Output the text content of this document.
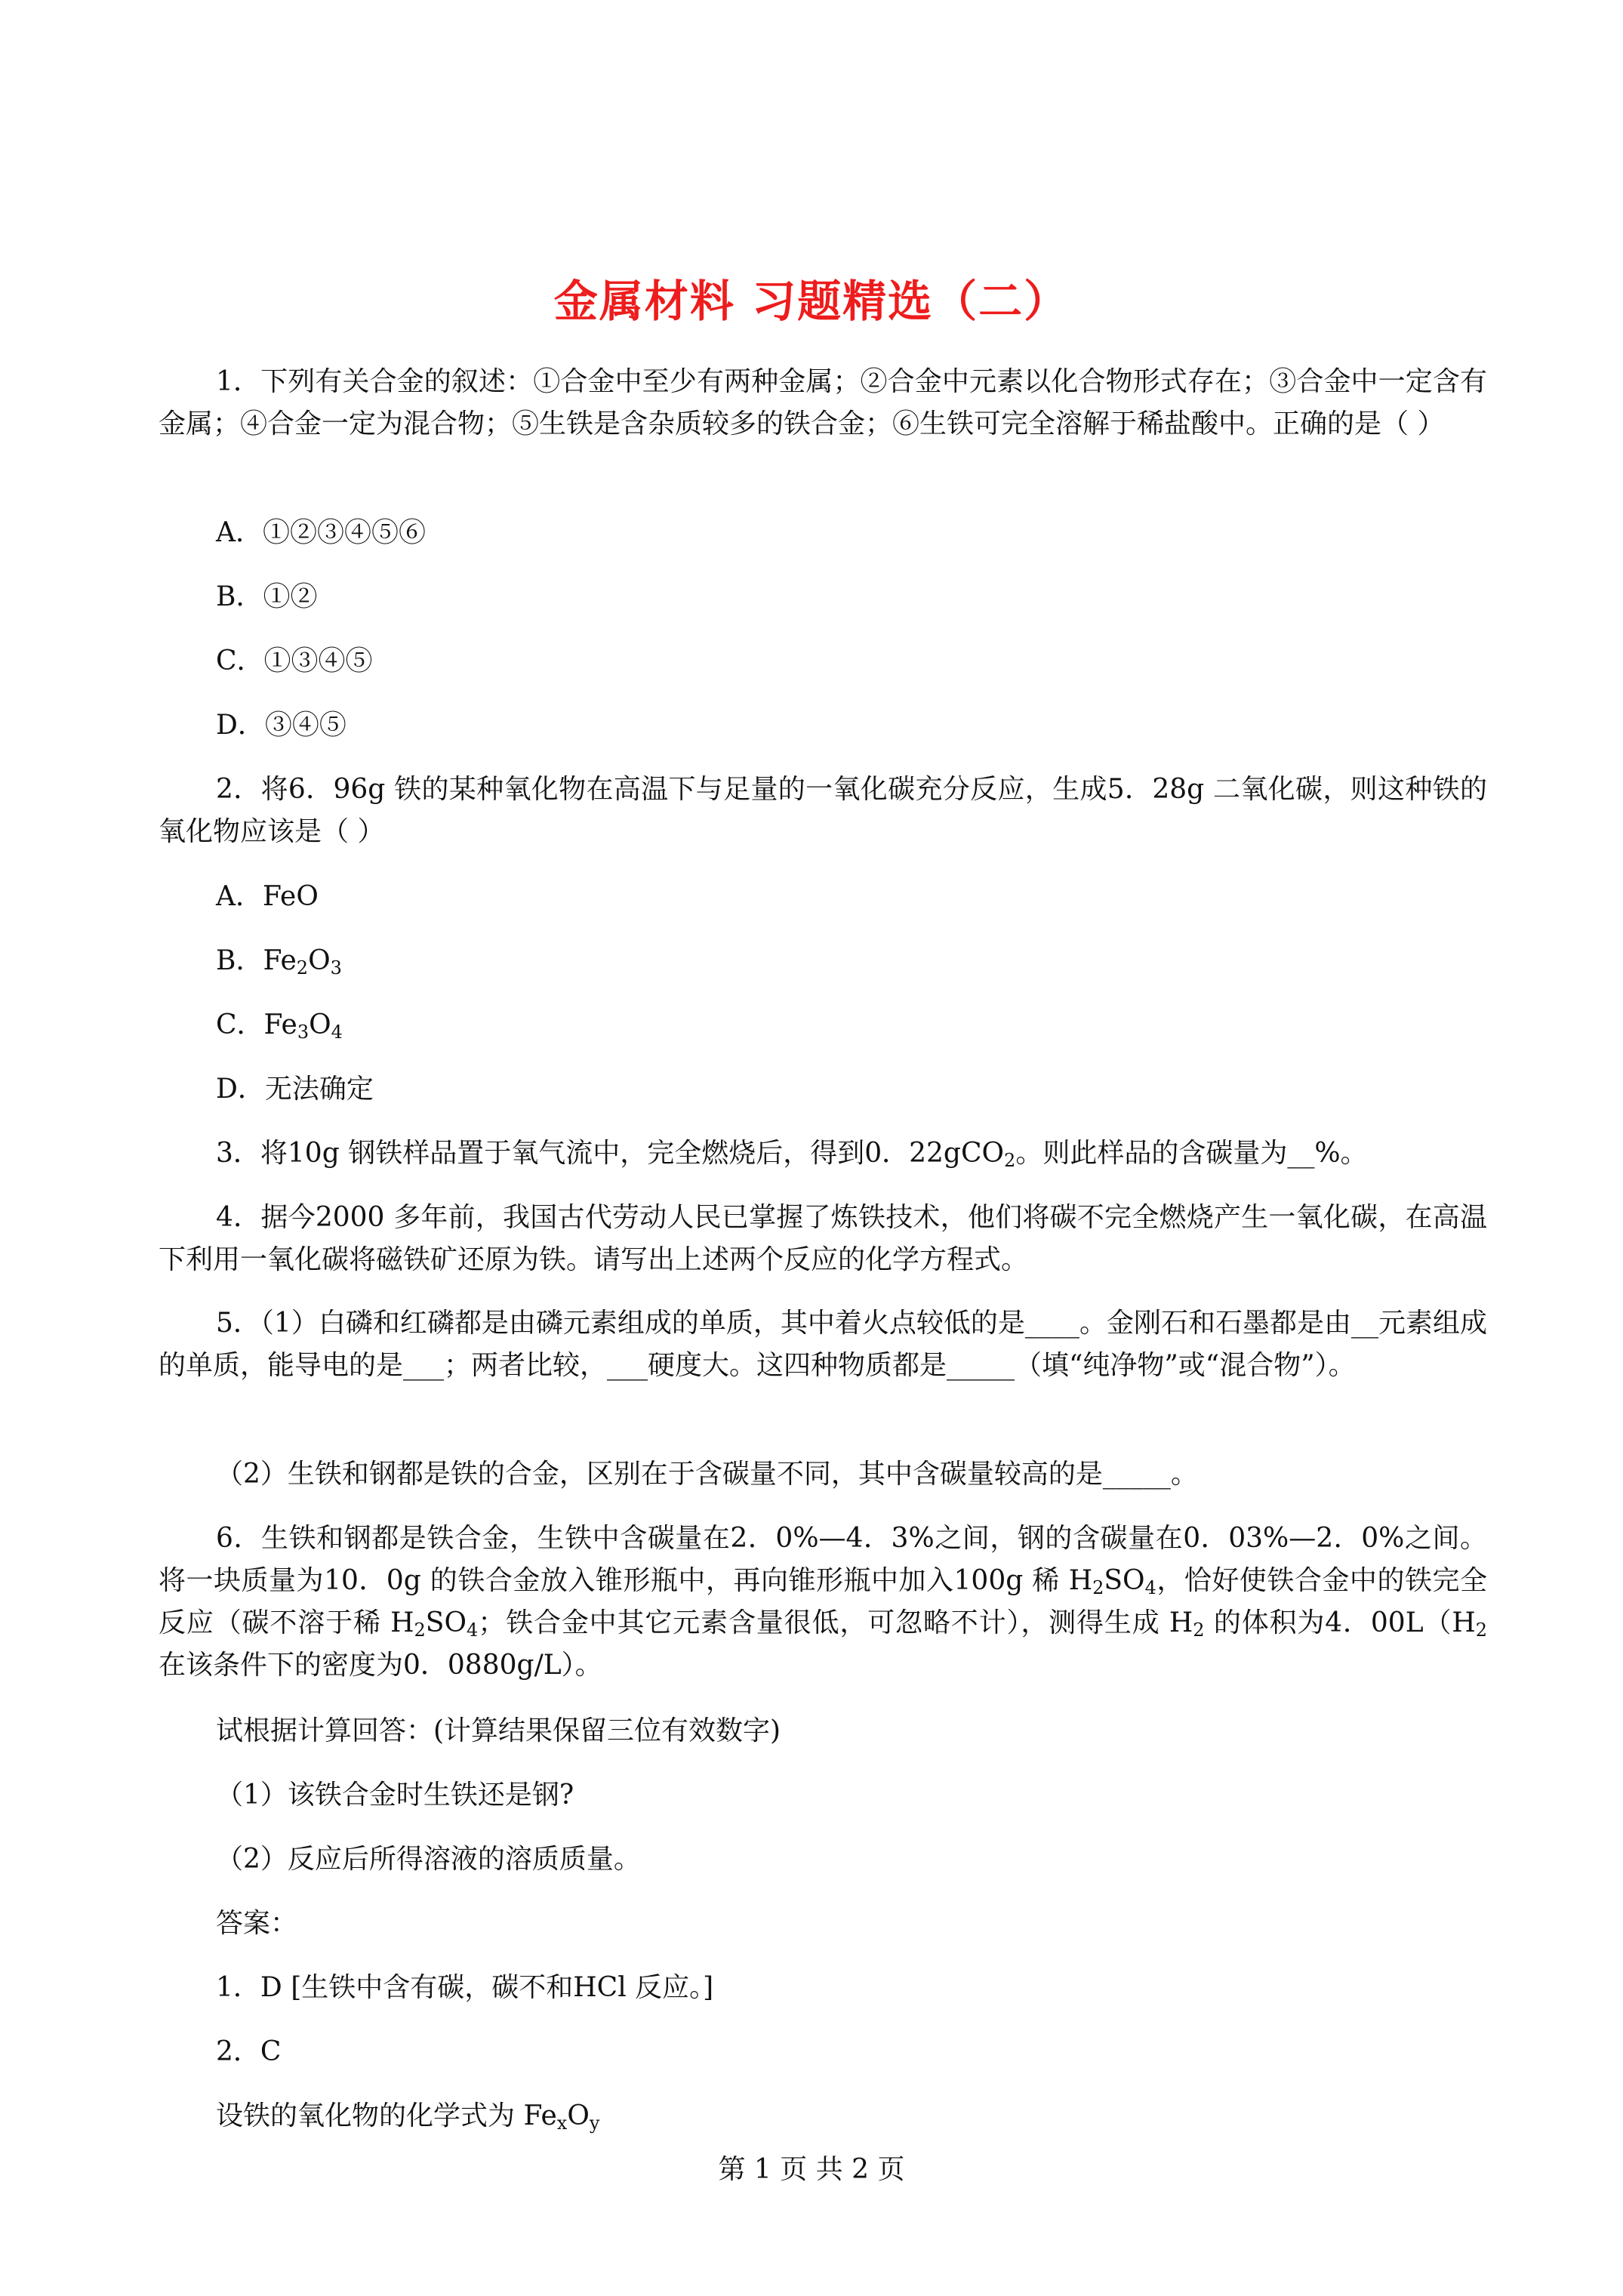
金属材料 习题精选（二）
1．下列有关合金的叙述：①合金中至少有两种金属；②合金中元素以化合物形式存在；③合金中一定含有金属；④合金一定为混合物；⑤生铁是含杂质较多的铁合金；⑥生铁可完全溶解于稀盐酸中。正确的是（ ）
A．①②③④⑤⑥
B．①②
C．①③④⑤
D．③④⑤
2．将6．96g 铁的某种氧化物在高温下与足量的一氧化碳充分反应，生成5．28g 二氧化碳，则这种铁的氧化物应该是（ ）
A．FeO
B．$Fe_2O_3$
C．$Fe_3O_4$
D．无法确定
3．将10g 钢铁样品置于氧气流中，完全燃烧后，得到0．22gCO$_2$。则此样品的含碳量为__%。
4．据今2000 多年前，我国古代劳动人民已掌握了炼铁技术，他们将碳不完全燃烧产生一氧化碳，在高温下利用一氧化碳将磁铁矿还原为铁。请写出上述两个反应的化学方程式。
5．（1）白磷和红磷都是由磷元素组成的单质，其中着火点较低的是____。金刚石和石墨都是由__元素组成的单质，能导电的是___；两者比较，___硬度大。这四种物质都是_____（填“纯净物”或“混合物”）。
（2）生铁和钢都是铁的合金，区别在于含碳量不同，其中含碳量较高的是_____。
6．生铁和钢都是铁合金，生铁中含碳量在2．0%—4．3%之间，钢的含碳量在0．03%—2．0%之间。将一块质量为10．0g 的铁合金放入锥形瓶中，再向锥形瓶中加入100g 稀 $H_2SO_4$，恰好使铁合金中的铁完全反应（碳不溶于稀 $H_2SO_4$；铁合金中其它元素含量很低，可忽略不计），测得生成 $H_2$ 的体积为4．$00L(H_2$ 在该条件下的密度为0．0880g/L）。
试根据计算回答：(计算结果保留三位有效数字)
（1）该铁合金时生铁还是钢?
（2）反应后所得溶液的溶质质量。
答案：
1．D [生铁中含有碳，碳不和HCl 反应。]
2．C
设铁的氧化物的化学式为 $Fe_xO_y$
第 1 页 共 2 页
